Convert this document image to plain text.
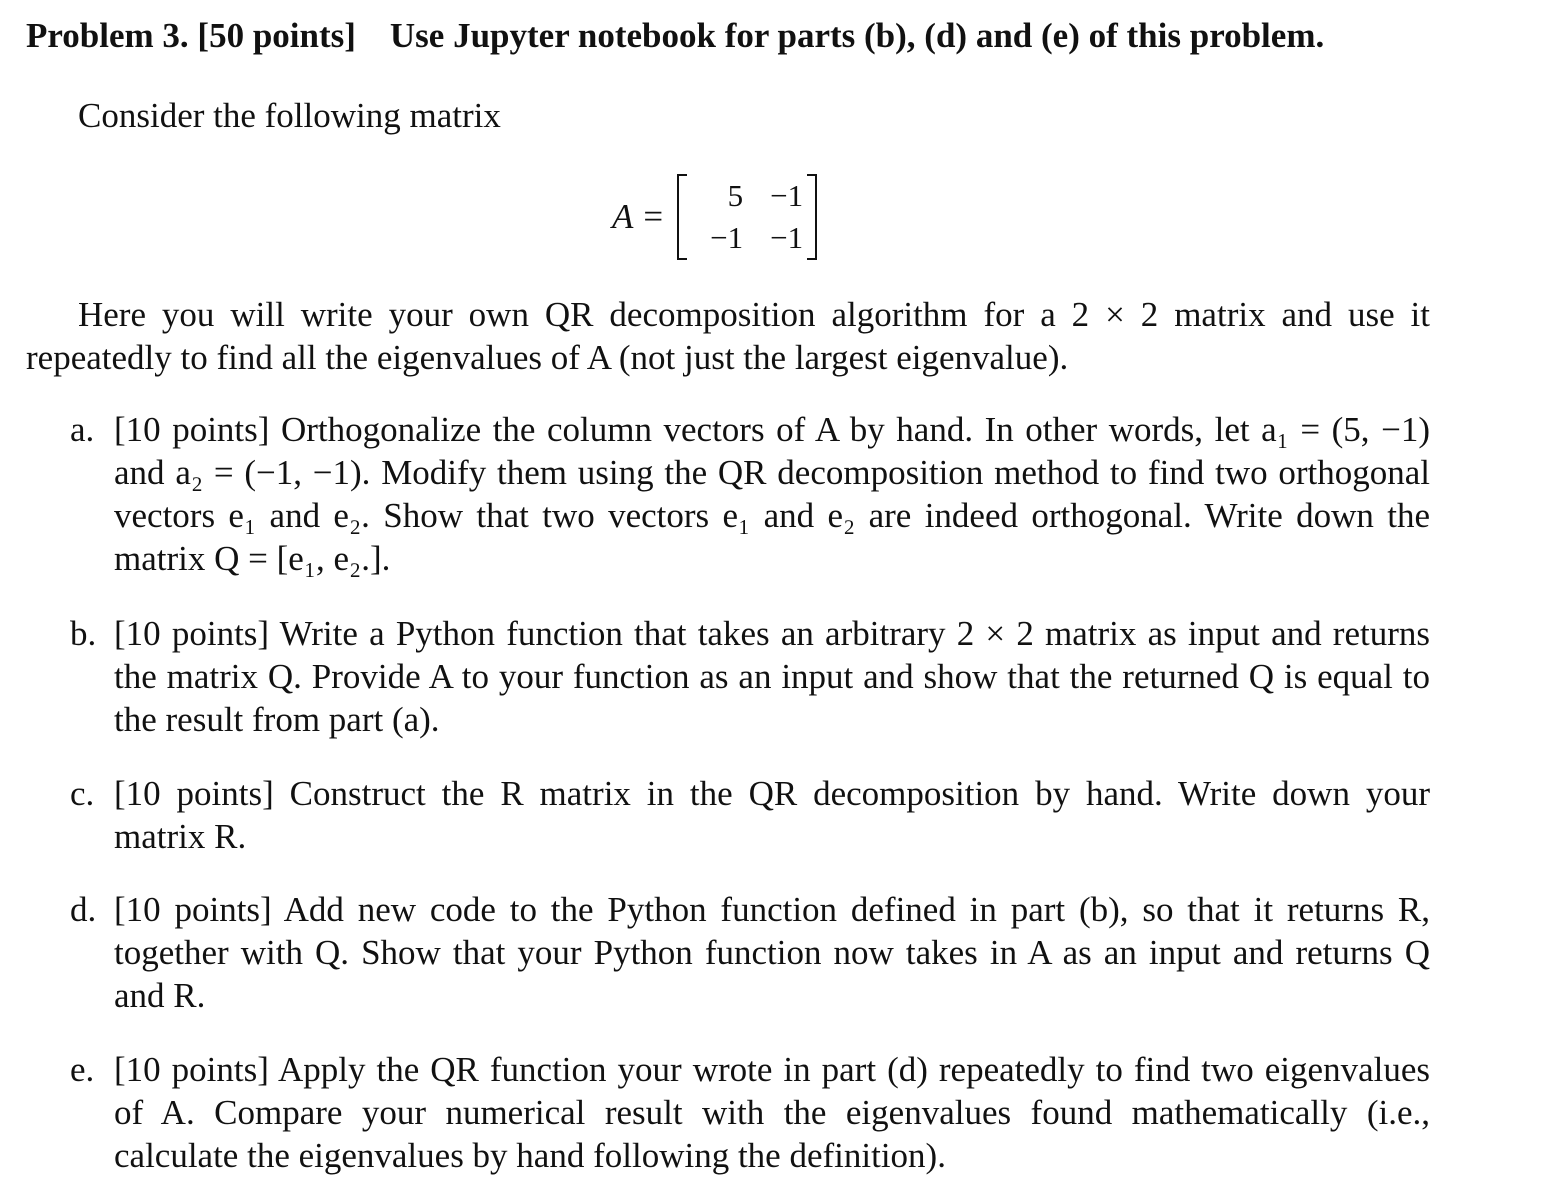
Problem 3. [50 points] Use Jupyter notebook for parts (b), (d) and (e) of this problem.
Consider the following matrix
A =
5 −1
−1 −1
Here you will write your own QR decomposition algorithm for a 2 × 2 matrix and use it repeatedly to find all the eigenvalues of A (not just the largest eigenvalue).
a. [10 points] Orthogonalize the column vectors of A by hand. In other words, let a₁ = (5, −1) and a₂ = (−1, −1). Modify them using the QR decomposition method to find two orthogonal vectors e₁ and e₂. Show that two vectors e₁ and e₂ are indeed orthogonal. Write down the matrix Q = [e₁, e₂.].
b. [10 points] Write a Python function that takes an arbitrary 2 × 2 matrix as input and returns the matrix Q. Provide A to your function as an input and show that the returned Q is equal to the result from part (a).
c. [10 points] Construct the R matrix in the QR decomposition by hand. Write down your matrix R.
d. [10 points] Add new code to the Python function defined in part (b), so that it returns R, together with Q. Show that your Python function now takes in A as an input and returns Q and R.
e. [10 points] Apply the QR function your wrote in part (d) repeatedly to find two eigenvalues of A. Compare your numerical result with the eigenvalues found mathematically (i.e., calculate the eigenvalues by hand following the definition).
